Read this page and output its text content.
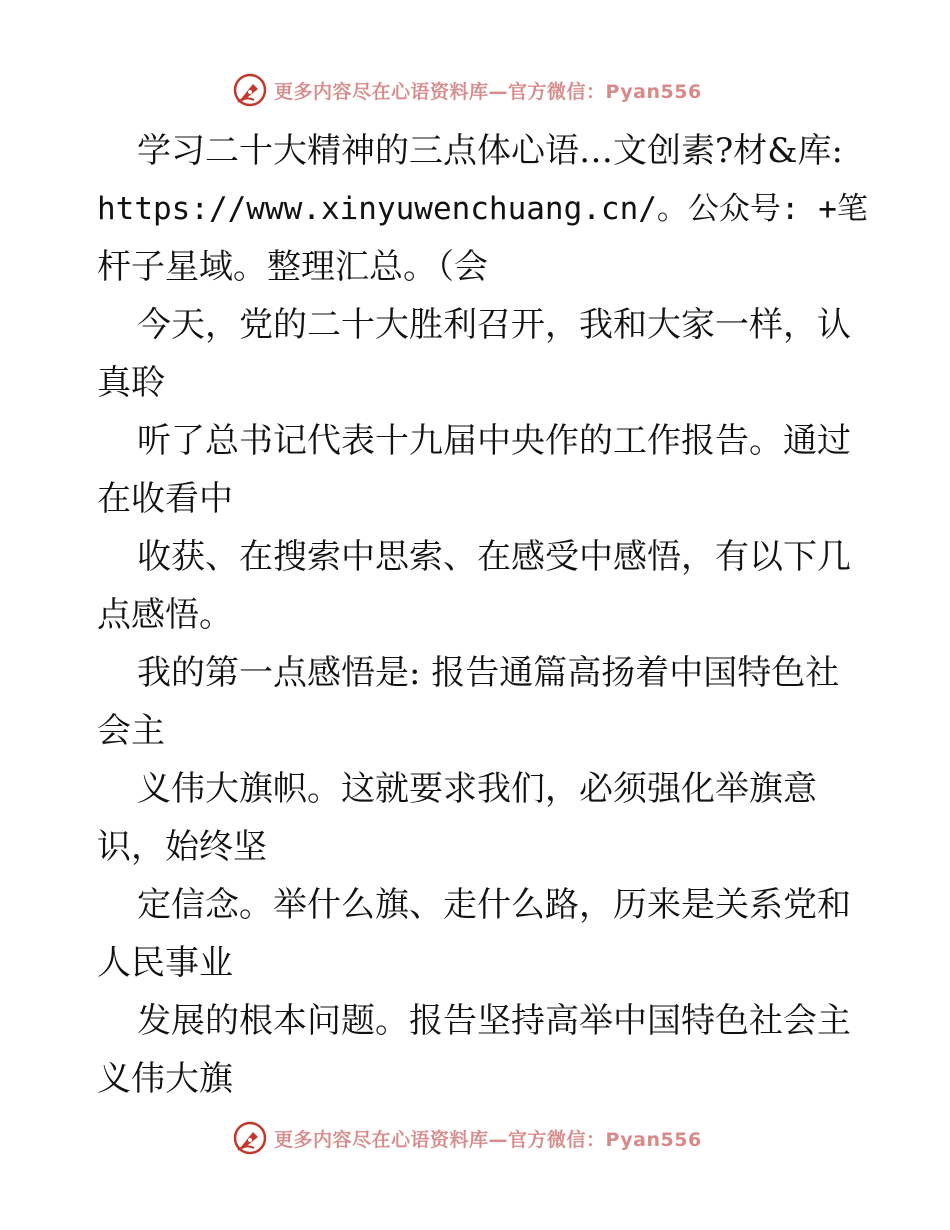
更多内容尽在心语资料库—官方微信：Pyan556
学习二十大精神的三点体心语…文创素?材&库:
https://www.xinyuwenchuang.cn/。公众号: +笔
杆子星域。整理汇总。（会
今天，党的二十大胜利召开，我和大家一样，认
真聆
听了总书记代表十九届中央作的工作报告。通过
在收看中
收获、在搜索中思索、在感受中感悟，有以下几
点感悟。
我的第一点感悟是: 报告通篇高扬着中国特色社
会主
义伟大旗帜。这就要求我们，必须强化举旗意
识，始终坚
定信念。举什么旗、走什么路，历来是关系党和
人民事业
发展的根本问题。报告坚持高举中国特色社会主
义伟大旗
更多内容尽在心语资料库—官方微信：Pyan556
